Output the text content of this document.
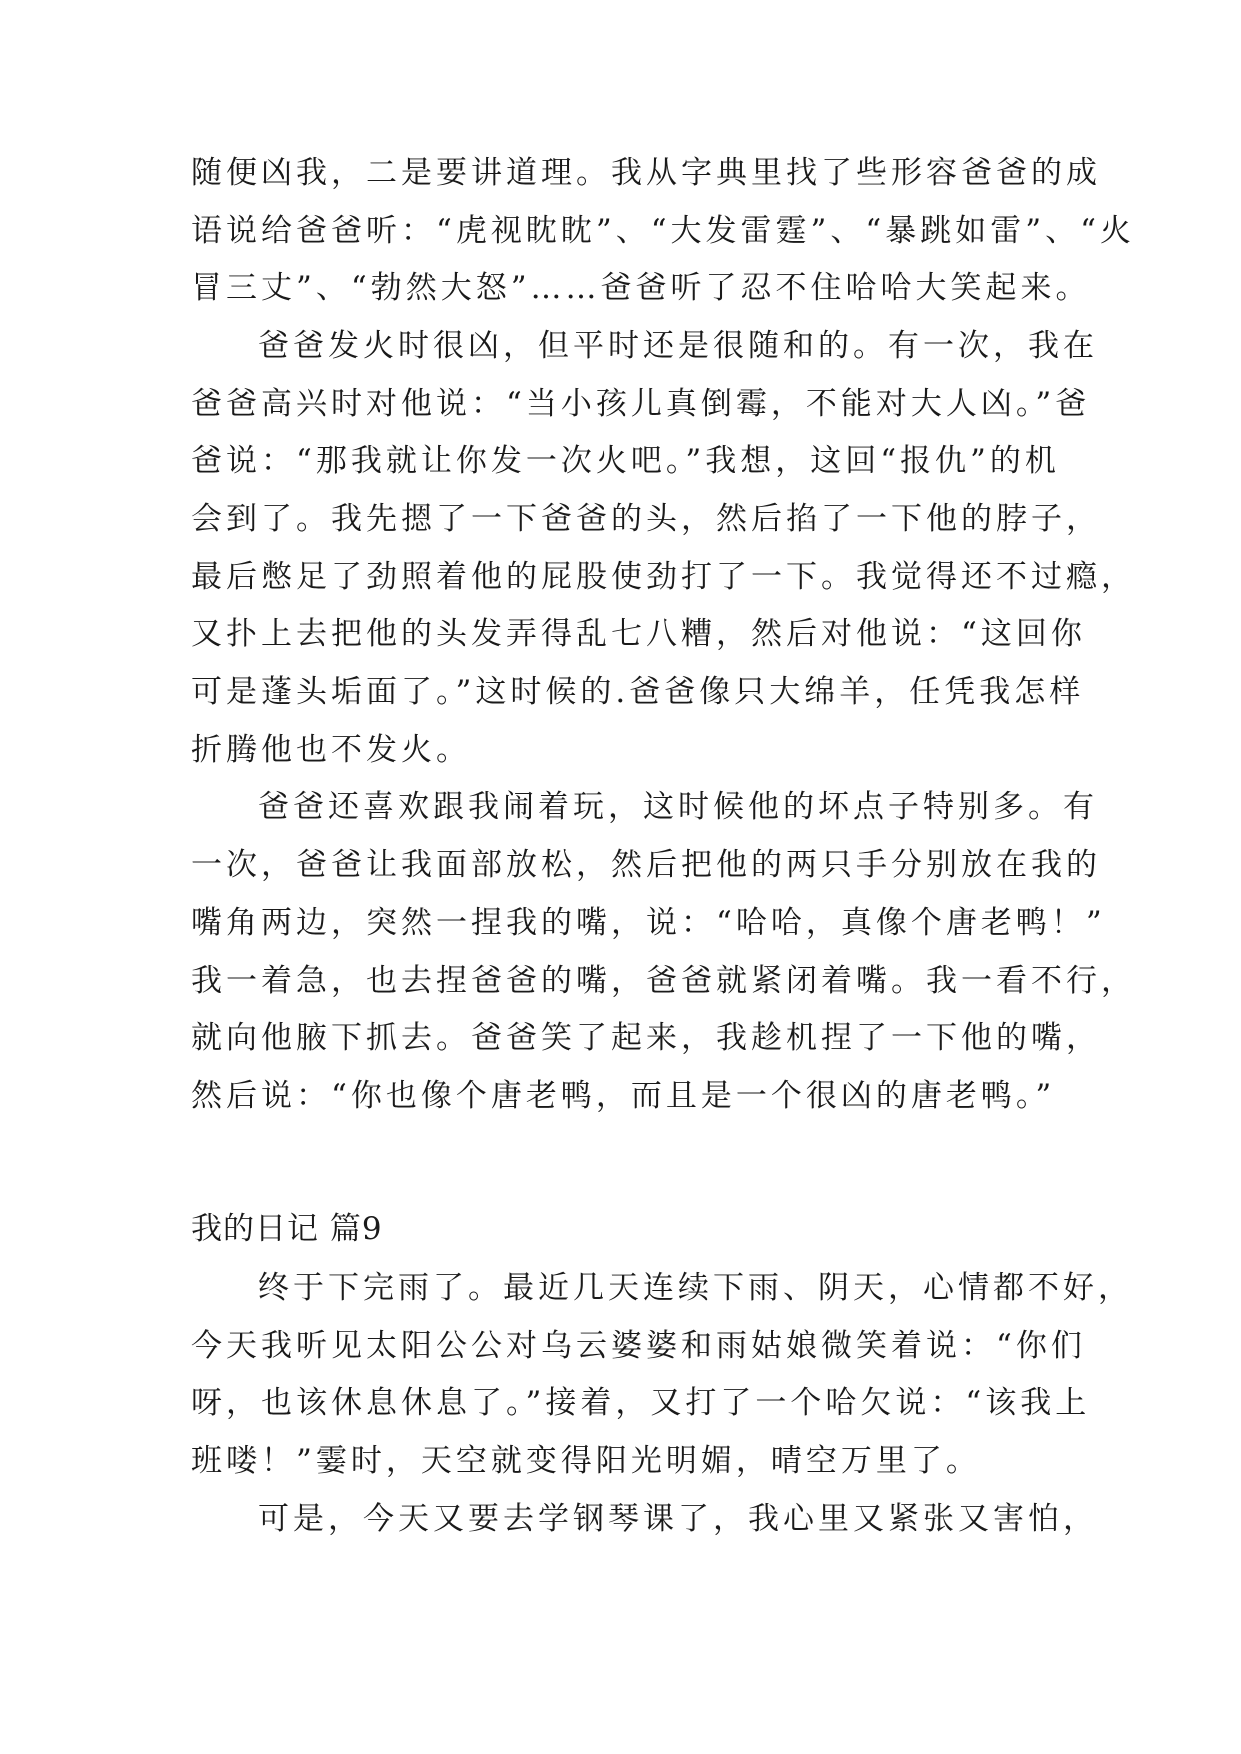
随便凶我，二是要讲道理。我从字典里找了些形容爸爸的成
语说给爸爸听：“虎视眈眈”、“大发雷霆”、“暴跳如雷”、“火
冒三丈”、“勃然大怒”……爸爸听了忍不住哈哈大笑起来。
爸爸发火时很凶，但平时还是很随和的。有一次，我在
爸爸高兴时对他说：“当小孩儿真倒霉，不能对大人凶。”爸
爸说：“那我就让你发一次火吧。”我想，这回“报仇”的机
会到了。我先摁了一下爸爸的头，然后掐了一下他的脖子，
最后憋足了劲照着他的屁股使劲打了一下。我觉得还不过瘾，
又扑上去把他的头发弄得乱七八糟，然后对他说：“这回你
可是蓬头垢面了。”这时候的.爸爸像只大绵羊，任凭我怎样
折腾他也不发火。
爸爸还喜欢跟我闹着玩，这时候他的坏点子特别多。有
一次，爸爸让我面部放松，然后把他的两只手分别放在我的
嘴角两边，突然一捏我的嘴，说：“哈哈，真像个唐老鸭！”
我一着急，也去捏爸爸的嘴，爸爸就紧闭着嘴。我一看不行，
就向他腋下抓去。爸爸笑了起来，我趁机捏了一下他的嘴，
然后说：“你也像个唐老鸭，而且是一个很凶的唐老鸭。”
我的日记 篇9
终于下完雨了。最近几天连续下雨、阴天，心情都不好，
今天我听见太阳公公对乌云婆婆和雨姑娘微笑着说：“你们
呀，也该休息休息了。”接着，又打了一个哈欠说：“该我上
班喽！”霎时，天空就变得阳光明媚，晴空万里了。
可是，今天又要去学钢琴课了，我心里又紧张又害怕，
